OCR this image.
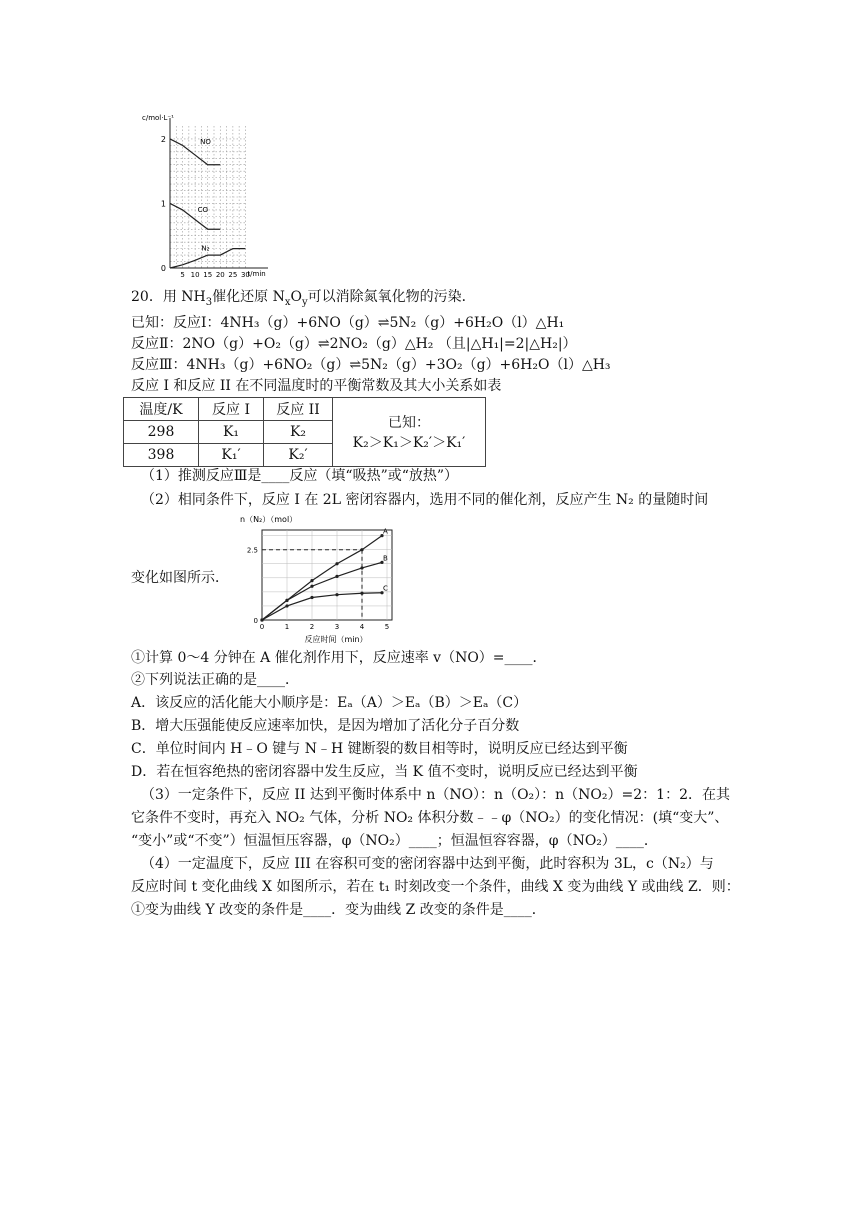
c/mol·L⁻¹
t/min
5 10 15 20 25 30
0
1
2	NO
CO
N₂
20．用 $NH_3$催化还原 $N_xO_y$可以消除氮氧化物的污染．
已知：反应Ⅰ：4NH₃（g）+6NO（g）⇌5N₂（g）+6H₂O（l）△H₁
反应Ⅱ：2NO（g）+O₂（g）⇌2NO₂（g）△H₂ （且|△H₁|=2|△H₂|）
反应Ⅲ：4NH₃（g）+6NO₂（g）⇌5N₂（g）+3O₂（g）+6H₂O（l）△H₃
反应 I 和反应 II 在不同温度时的平衡常数及其大小关系如表
温度/K	反应 I	反应 II	已知：
K₂＞K₁＞K₂′＞K₁′

298	K₁	K₂	
398	K₁′	K₂′	
（1）推测反应Ⅲ是____反应（填“吸热”或“放热”）
（2）相同条件下，反应 I 在 2L 密闭容器内，选用不同的催化剂，反应产生 N₂ 的量随时间
n（N₂）（mol）
反应时间（min）
0	1	2	3	4	5
0
2.5
A
B
C
变化如图所示．
①计算 0～4 分钟在 A 催化剂作用下，反应速率 v（NO）=____．
②下列说法正确的是____．
A．该反应的活化能大小顺序是：Eₐ（A）＞Eₐ（B）＞Eₐ（C）
B．增大压强能使反应速率加快，是因为增加了活化分子百分数
C．单位时间内 H﹣O 键与 N﹣H 键断裂的数目相等时，说明反应已经达到平衡
D．若在恒容绝热的密闭容器中发生反应，当 K 值不变时，说明反应已经达到平衡
（3）一定条件下，反应 II 达到平衡时体系中 n（NO）：n（O₂）：n（NO₂）=2：1：2．在其
它条件不变时，再充入 NO₂ 气体，分析 NO₂ 体积分数﹣﹣φ（NO₂）的变化情况：(填“变大”、
“变小”或“不变”）恒温恒压容器，φ（NO₂）____；恒温恒容容器，φ（NO₂）____．
（4）一定温度下，反应 III 在容积可变的密闭容器中达到平衡，此时容积为 3L，c（N₂）与
反应时间 t 变化曲线 X 如图所示，若在 t₁ 时刻改变一个条件，曲线 X 变为曲线 Y 或曲线 Z．则：
①变为曲线 Y 改变的条件是____．变为曲线 Z 改变的条件是____．
